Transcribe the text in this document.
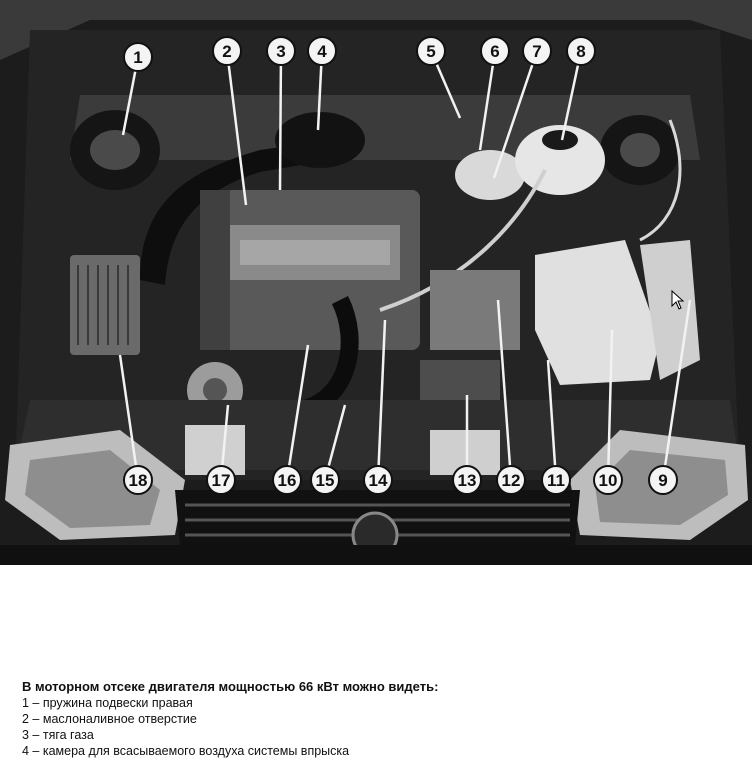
1	2	3 4	5	6 7 8
9
10
11
12
13
14
15
16
17
18
В моторном отсеке двигателя мощностью 66 кВт можно видеть:
1 – пружина подвески правая
2 – маслоналивное отверстие
3 – тяга газа
4 – камера для всасываемого воздуха системы впрыска
